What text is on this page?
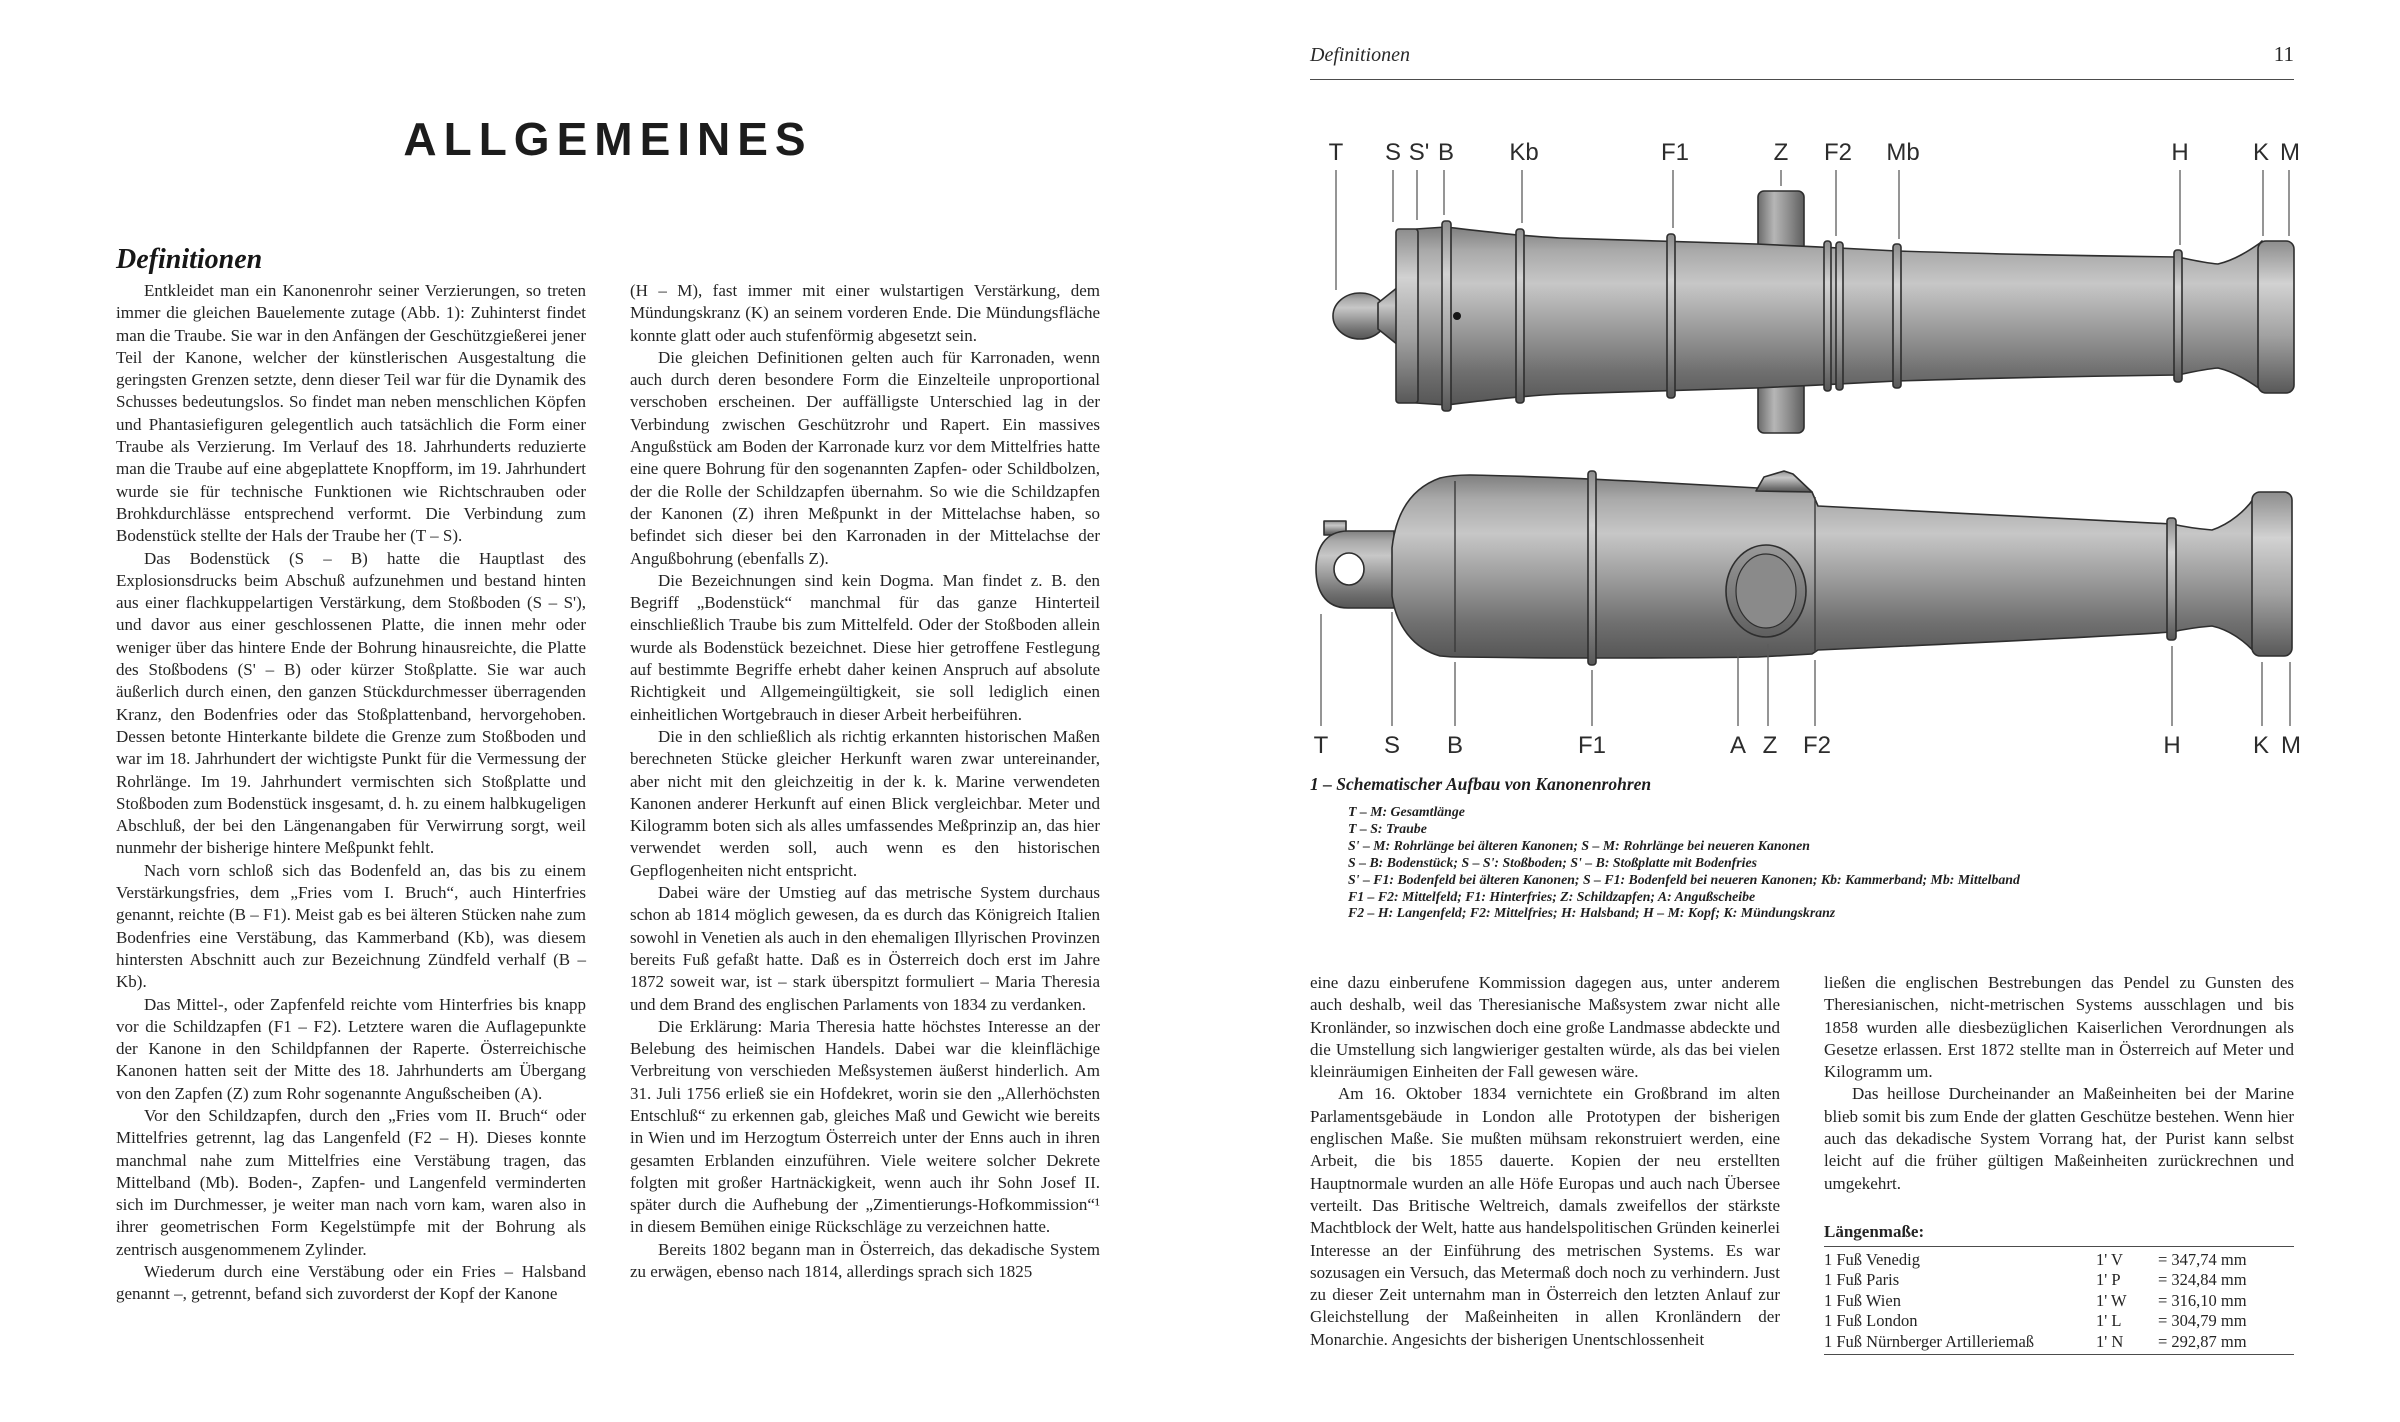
ALLGEMEINES
Definitionen

Entkleidet man ein Kanonenrohr seiner Verzierungen, so treten immer die gleichen Bauelemente zutage (Abb. 1): Zuhinterst findet man die Traube. Sie war in den Anfängen der Geschützgießerei jener Teil der Kanone, welcher der künstlerischen Ausgestaltung die geringsten Grenzen setzte, denn dieser Teil war für die Dynamik des Schusses bedeutungslos. So findet man neben menschlichen Köpfen und Phantasiefiguren gelegentlich auch tatsächlich die Form einer Traube als Verzierung. Im Verlauf des 18. Jahrhunderts reduzierte man die Traube auf eine abgeplattete Knopfform, im 19. Jahrhundert wurde sie für technische Funktionen wie Richtschrauben oder Brohkdurchlässe entsprechend verformt. Die Verbindung zum Bodenstück stellte der Hals der Traube her (T – S).

Das Bodenstück (S – B) hatte die Hauptlast des Explosionsdrucks beim Abschuß aufzunehmen und bestand hinten aus einer flachkuppelartigen Verstärkung, dem Stoßboden (S – S'), und davor aus einer geschlossenen Platte, die innen mehr oder weniger über das hintere Ende der Bohrung hinausreichte, die Platte des Stoßbodens (S' – B) oder kürzer Stoßplatte. Sie war auch äußerlich durch einen, den ganzen Stückdurchmesser überragenden Kranz, den Bodenfries oder das Stoßplattenband, hervorgehoben. Dessen betonte Hinterkante bildete die Grenze zum Stoßboden und war im 18. Jahrhundert der wichtigste Punkt für die Vermessung der Rohrlänge. Im 19. Jahrhundert vermischten sich Stoßplatte und Stoßboden zum Bodenstück insgesamt, d. h. zu einem halbkugeligen Abschluß, der bei den Längenangaben für Verwirrung sorgt, weil nunmehr der bisherige hintere Meßpunkt fehlt.

Nach vorn schloß sich das Bodenfeld an, das bis zu einem Verstärkungsfries, dem „Fries vom I. Bruch“, auch Hinterfries genannt, reichte (B – F1). Meist gab es bei älteren Stücken nahe zum Bodenfries eine Verstäbung, das Kammerband (Kb), was diesem hintersten Abschnitt auch zur Bezeichnung Zündfeld verhalf (B – Kb).

Das Mittel-, oder Zapfenfeld reichte vom Hinterfries bis knapp vor die Schildzapfen (F1 – F2). Letztere waren die Auflagepunkte der Kanone in den Schildpfannen der Raperte. Österreichische Kanonen hatten seit der Mitte des 18. Jahrhunderts am Übergang von den Zapfen (Z) zum Rohr sogenannte Angußscheiben (A).

Vor den Schildzapfen, durch den „Fries vom II. Bruch“ oder Mittelfries getrennt, lag das Langenfeld (F2 – H). Dieses konnte manchmal nahe zum Mittelfries eine Verstäbung tragen, das Mittelband (Mb). Boden-, Zapfen- und Langenfeld verminderten sich im Durchmesser, je weiter man nach vorn kam, waren also in ihrer geometrischen Form Kegelstümpfe mit der Bohrung als zentrisch ausgenommenem Zylinder.

Wiederum durch eine Verstäbung oder ein Fries – Halsband genannt –, getrennt, befand sich zuvorderst der Kopf der Kanone

(H – M), fast immer mit einer wulstartigen Verstärkung, dem Mündungskranz (K) an seinem vorderen Ende. Die Mündungsfläche konnte glatt oder auch stufenförmig abgesetzt sein.

Die gleichen Definitionen gelten auch für Karronaden, wenn auch durch deren besondere Form die Einzelteile unproportional verschoben erscheinen. Der auffälligste Unterschied lag in der Verbindung zwischen Geschützrohr und Rapert. Ein massives Angußstück am Boden der Karronade kurz vor dem Mittelfries hatte eine quere Bohrung für den sogenannten Zapfen- oder Schildbolzen, der die Rolle der Schildzapfen übernahm. So wie die Schildzapfen der Kanonen (Z) ihren Meßpunkt in der Mittelachse haben, so befindet sich dieser bei den Karronaden in der Mittelachse der Angußbohrung (ebenfalls Z).

Die Bezeichnungen sind kein Dogma. Man findet z. B. den Begriff „Bodenstück“ manchmal für das ganze Hinterteil einschließlich Traube bis zum Mittelfeld. Oder der Stoßboden allein wurde als Bodenstück bezeichnet. Diese hier getroffene Festlegung auf bestimmte Begriffe erhebt daher keinen Anspruch auf absolute Richtigkeit und Allgemeingültigkeit, sie soll lediglich einen einheitlichen Wortgebrauch in dieser Arbeit herbeiführen.

Die in den schließlich als richtig erkannten historischen Maßen berechneten Stücke gleicher Herkunft waren zwar untereinander, aber nicht mit den gleichzeitig in der k. k. Marine verwendeten Kanonen anderer Herkunft auf einen Blick vergleichbar. Meter und Kilogramm boten sich als alles umfassendes Meßprinzip an, das hier verwendet werden soll, auch wenn es den historischen Gepflogenheiten nicht entspricht.

Dabei wäre der Umstieg auf das metrische System durchaus schon ab 1814 möglich gewesen, da es durch das Königreich Italien sowohl in Venetien als auch in den ehemaligen Illyrischen Provinzen bereits Fuß gefaßt hatte. Daß es in Österreich doch erst im Jahre 1872 soweit war, ist – stark überspitzt formuliert – Maria Theresia und dem Brand des englischen Parlaments von 1834 zu verdanken.

Die Erklärung: Maria Theresia hatte höchstes Interesse an der Belebung des heimischen Handels. Dabei war die kleinflächige Verbreitung von verschieden Meßsystemen äußerst hinderlich. Am 31. Juli 1756 erließ sie ein Hofdekret, worin sie den „Allerhöchsten Entschluß“ zu erkennen gab, gleiches Maß und Gewicht wie bereits in Wien und im Herzogtum Österreich unter der Enns auch in ihren gesamten Erblanden einzuführen. Viele weitere solcher Dekrete folgten mit großer Hartnäckigkeit, wenn auch ihr Sohn Josef II. später durch die Aufhebung der „Zimentierungs-Hofkommission“¹ in diesem Bemühen einige Rückschläge zu verzeichnen hatte.

Bereits 1802 begann man in Österreich, das dekadische System zu erwägen, ebenso nach 1814, allerdings sprach sich 1825

Definitionen	11
T S S' B Kb	F1	Z F2 Mb	H	K M
T S B	F1	A Z F2	H	K M
1 – Schematischer Aufbau von Kanonenrohren
T – M: Gesamtlänge
T – S: Traube
S' – M: Rohrlänge bei älteren Kanonen; S – M: Rohrlänge bei neueren Kanonen
S – B: Bodenstück; S – S': Stoßboden; S' – B: Stoßplatte mit Bodenfries
S' – F1: Bodenfeld bei älteren Kanonen; S – F1: Bodenfeld bei neueren Kanonen; Kb: Kammerband; Mb: Mittelband
F1 – F2: Mittelfeld; F1: Hinterfries; Z: Schildzapfen; A: Angußscheibe
F2 – H: Langenfeld; F2: Mittelfries; H: Halsband; H – M: Kopf; K: Mündungskranz

eine dazu einberufene Kommission dagegen aus, unter anderem auch deshalb, weil das Theresianische Maßsystem zwar nicht alle Kronländer, so inzwischen doch eine große Landmasse abdeckte und die Umstellung sich langwieriger gestalten würde, als das bei vielen kleinräumigen Einheiten der Fall gewesen wäre.

Am 16. Oktober 1834 vernichtete ein Großbrand im alten Parlamentsgebäude in London alle Prototypen der bisherigen englischen Maße. Sie mußten mühsam rekonstruiert werden, eine Arbeit, die bis 1855 dauerte. Kopien der neu erstellten Hauptnormale wurden an alle Höfe Europas und auch nach Übersee verteilt. Das Britische Weltreich, damals zweifellos der stärkste Machtblock der Welt, hatte aus handelspolitischen Gründen keinerlei Interesse an der Einführung des metrischen Systems. Es war sozusagen ein Versuch, das Metermaß doch noch zu verhindern. Just zu dieser Zeit unternahm man in Österreich den letzten Anlauf zur Gleichstellung der Maßeinheiten in allen Kronländern der Monarchie. Angesichts der bisherigen Unentschlossenheit

ließen die englischen Bestrebungen das Pendel zu Gunsten des Theresianischen, nicht-metrischen Systems ausschlagen und bis 1858 wurden alle diesbezüglichen Kaiserlichen Verordnungen als Gesetze erlassen. Erst 1872 stellte man in Österreich auf Meter und Kilogramm um.

Das heillose Durcheinander an Maßeinheiten bei der Marine blieb somit bis zum Ende der glatten Geschütze bestehen. Wenn hier auch das dekadische System Vorrang hat, der Purist kann selbst leicht auf die früher gültigen Maßeinheiten zurückrechnen und umgekehrt.

Längenmaße:
1 Fuß Venedig	1' V	= 347,74 mm
1 Fuß Paris	1' P	= 324,84 mm
1 Fuß Wien	1' W	= 316,10 mm
1 Fuß London	1' L	= 304,79 mm
1 Fuß Nürnberger Artilleriemaß	1' N	= 292,87 mm
